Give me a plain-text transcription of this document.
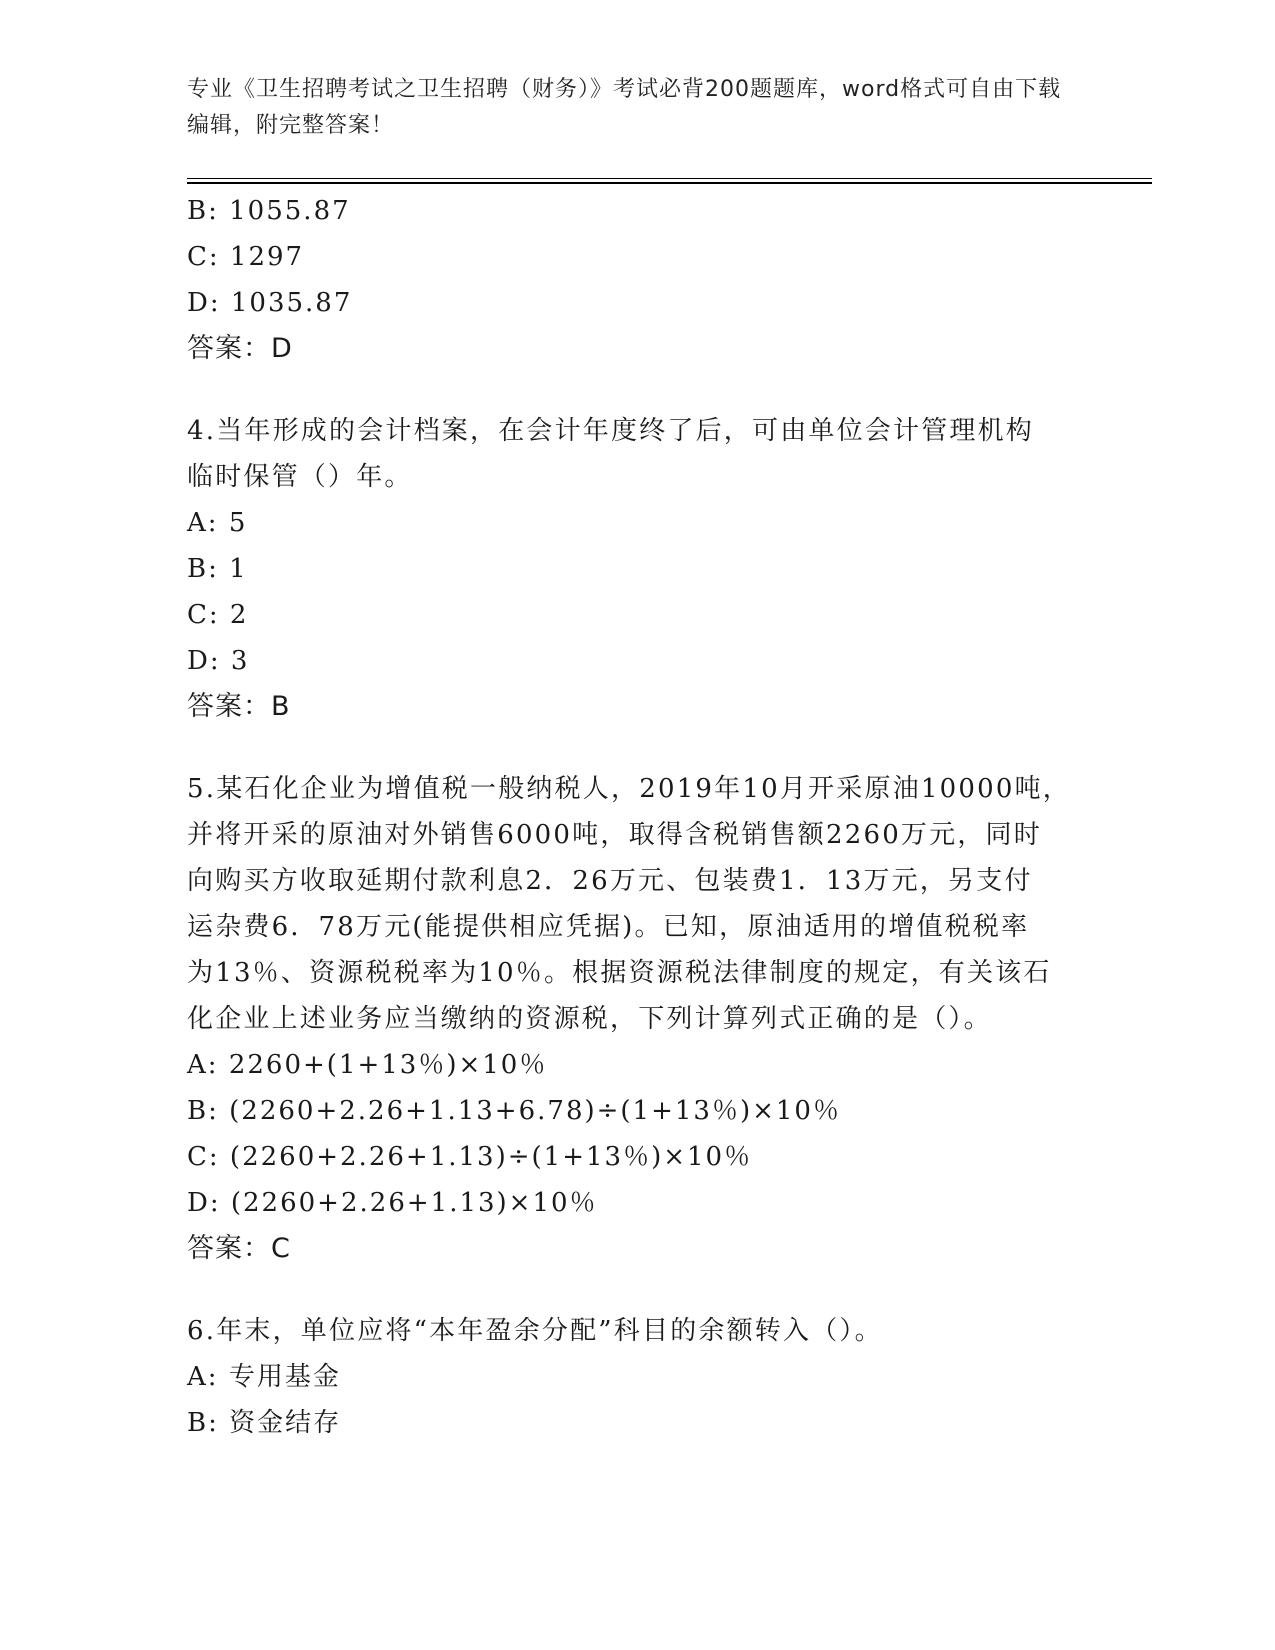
专业《卫生招聘考试之卫生招聘（财务）》考试必背200题题库，word格式可自由下载编辑，附完整答案！
B: 1055.87
C: 1297
D: 1035.87
答案：D
4.当年形成的会计档案，在会计年度终了后，可由单位会计管理机构
临时保管（）年。
A: 5
B: 1
C: 2
D: 3
答案：B
5.某石化企业为增值税一般纳税人，2019年10月开采原油10000吨，
并将开采的原油对外销售6000吨，取得含税销售额2260万元，同时
向购买方收取延期付款利息2．26万元、包装费1．13万元，另支付
运杂费6．78万元(能提供相应凭据)。已知，原油适用的增值税税率
为13％、资源税税率为10％。根据资源税法律制度的规定，有关该石
化企业上述业务应当缴纳的资源税，下列计算列式正确的是（）。
A: 2260+(1+13％)×10％
B: (2260+2.26+1.13+6.78)÷(1+13％)×10％
C: (2260+2.26+1.13)÷(1+13％)×10％
D: (2260+2.26+1.13)×10％
答案：C
6.年末，单位应将“本年盈余分配”科目的余额转入（）。
A: 专用基金
B: 资金结存
